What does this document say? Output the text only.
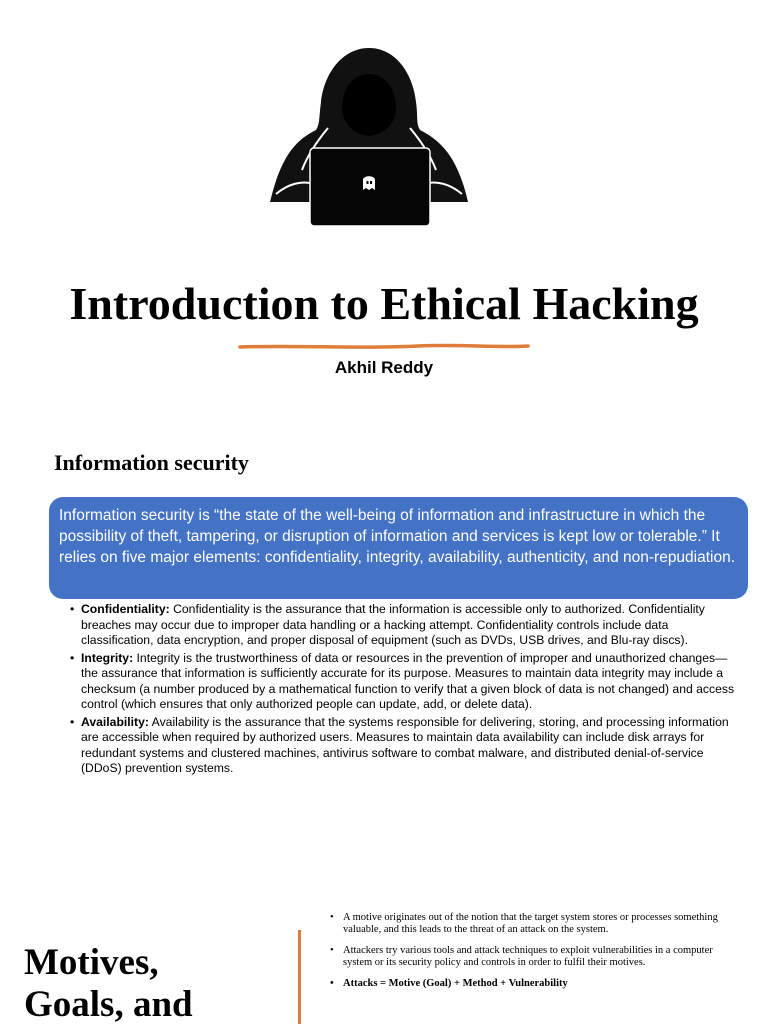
Introduction to Ethical Hacking
Akhil Reddy
Information security
Information security is “the state of the well-being of information and infrastructure in which the possibility of theft, tampering, or disruption of information and services is kept low or tolerable.” It relies on five major elements: confidentiality, integrity, availability, authenticity, and non-repudiation.
• Confidentiality: Confidentiality is the assurance that the information is accessible only to authorized. Confidentiality breaches may occur due to improper data handling or a hacking attempt. Confidentiality controls include data classification, data encryption, and proper disposal of equipment (such as DVDs, USB drives, and Blu-ray discs).
• Integrity: Integrity is the trustworthiness of data or resources in the prevention of improper and unauthorized changes—the assurance that information is sufficiently accurate for its purpose. Measures to maintain data integrity may include a checksum (a number produced by a mathematical function to verify that a given block of data is not changed) and access control (which ensures that only authorized people can update, add, or delete data).
• Availability: Availability is the assurance that the systems responsible for delivering, storing, and processing information are accessible when required by authorized users. Measures to maintain data availability can include disk arrays for redundant systems and clustered machines, antivirus software to combat malware, and distributed denial-of-service (DDoS) prevention systems.
Motives,
Goals, and
• A motive originates out of the notion that the target system stores or processes something valuable, and this leads to the threat of an attack on the system.
• Attackers try various tools and attack techniques to exploit vulnerabilities in a computer system or its security policy and controls in order to fulfil their motives.
• Attacks = Motive (Goal) + Method + Vulnerability
